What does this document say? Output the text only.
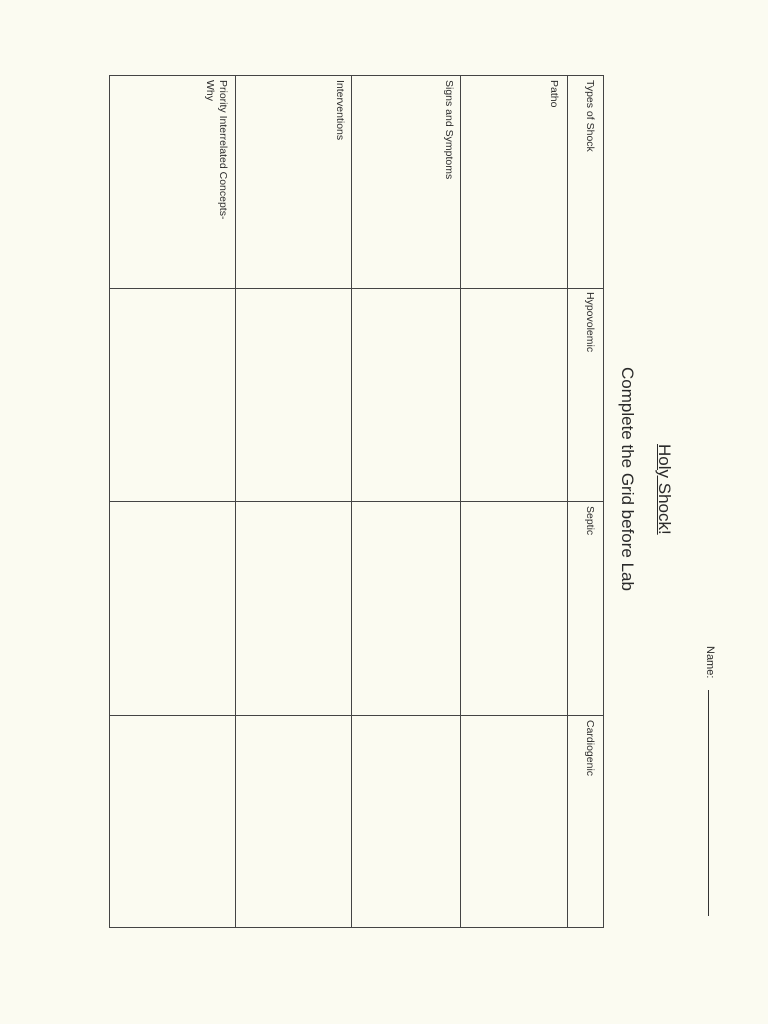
Holy Shock!
Complete the Grid before Lab
Name:
Types of Shock
Hypovolemic
Septic
Cardiogenic
Patho
Signs and Symptoms
Interventions
Priority Interrelated Concepts-
Why
